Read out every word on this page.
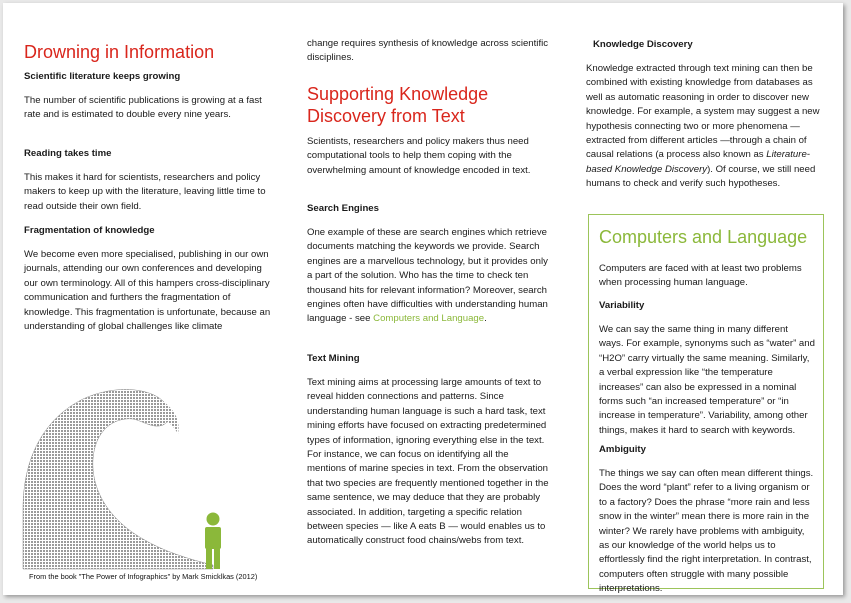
Drowning in Information
Scientific literature keeps growing

The number of scientific publications is growing at a fast rate and is estimated to double every nine years.

Reading takes time

This makes it hard for scientists, researchers and policy makers to keep up with the literature, leaving little time to read outside their own field.

Fragmentation of knowledge

We become even more specialised, publishing in our own journals, attending our own conferences and developing our own terminology. All of this hampers cross-disciplinary communication and furthers the fragmentation of knowledge. This fragmentation is unfortunate, because an understanding of global challenges like climate

From the book "The Power of Infographics" by Mark Smicklkas (2012)

change requires synthesis of knowledge across scientific disciplines.

Supporting Knowledge Discovery from Text

Scientists, researchers and policy makers thus need computational tools to help them coping with the overwhelming amount of knowledge encoded in text.

Search Engines

One example of these are search engines which retrieve documents matching the keywords we provide. Search engines are a marvellous technology, but it provides only a part of the solution. Who has the time to check ten thousand hits for relevant information? Moreover, search engines often have difficulties with understanding human language - see Computers and Language.

Text Mining

Text mining aims at processing large amounts of text to reveal hidden connections and patterns. Since understanding human language is such a hard task, text mining efforts have focused on extracting predetermined types of information, ignoring everything else in the text. For instance, we can focus on identifying all the mentions of marine species in text. From the observation that two species are frequently mentioned together in the same sentence, we may deduce that they are probably associated. In addition, targeting a specific relation between species — like A eats B — would enables us to automatically construct food chains/webs from text.

Knowledge Discovery

Knowledge extracted through text mining can then be combined with existing knowledge from databases as well as automatic reasoning in order to discover new knowledge. For example, a system may suggest a new hypothesis connecting two or more phenomena — extracted from different articles —through a chain of causal relations (a process also known as Literature-based Knowledge Discovery). Of course, we still need humans to check and verify such hypotheses.

Computers and Language

Computers are faced with at least two problems when processing human language.

Variability

We can say the same thing in many different ways. For example, synonyms such as “water” and “H2O” carry virtually the same meaning. Similarly, a verbal expression like “the temperature increases” can also be expressed in a nominal forms such “an increased temperature” or “in increase in temperature”. Variability, among other things, makes it hard to search with keywords.

Ambiguity

The things we say can often mean different things. Does the word “plant” refer to a living organism or to a factory? Does the phrase “more rain and less snow in the winter” mean there is more rain in the winter? We rarely have problems with ambiguity, as our knowledge of the world helps us to effortlessly find the right interpretation. In contrast, computers often struggle with many possible interpretations.
